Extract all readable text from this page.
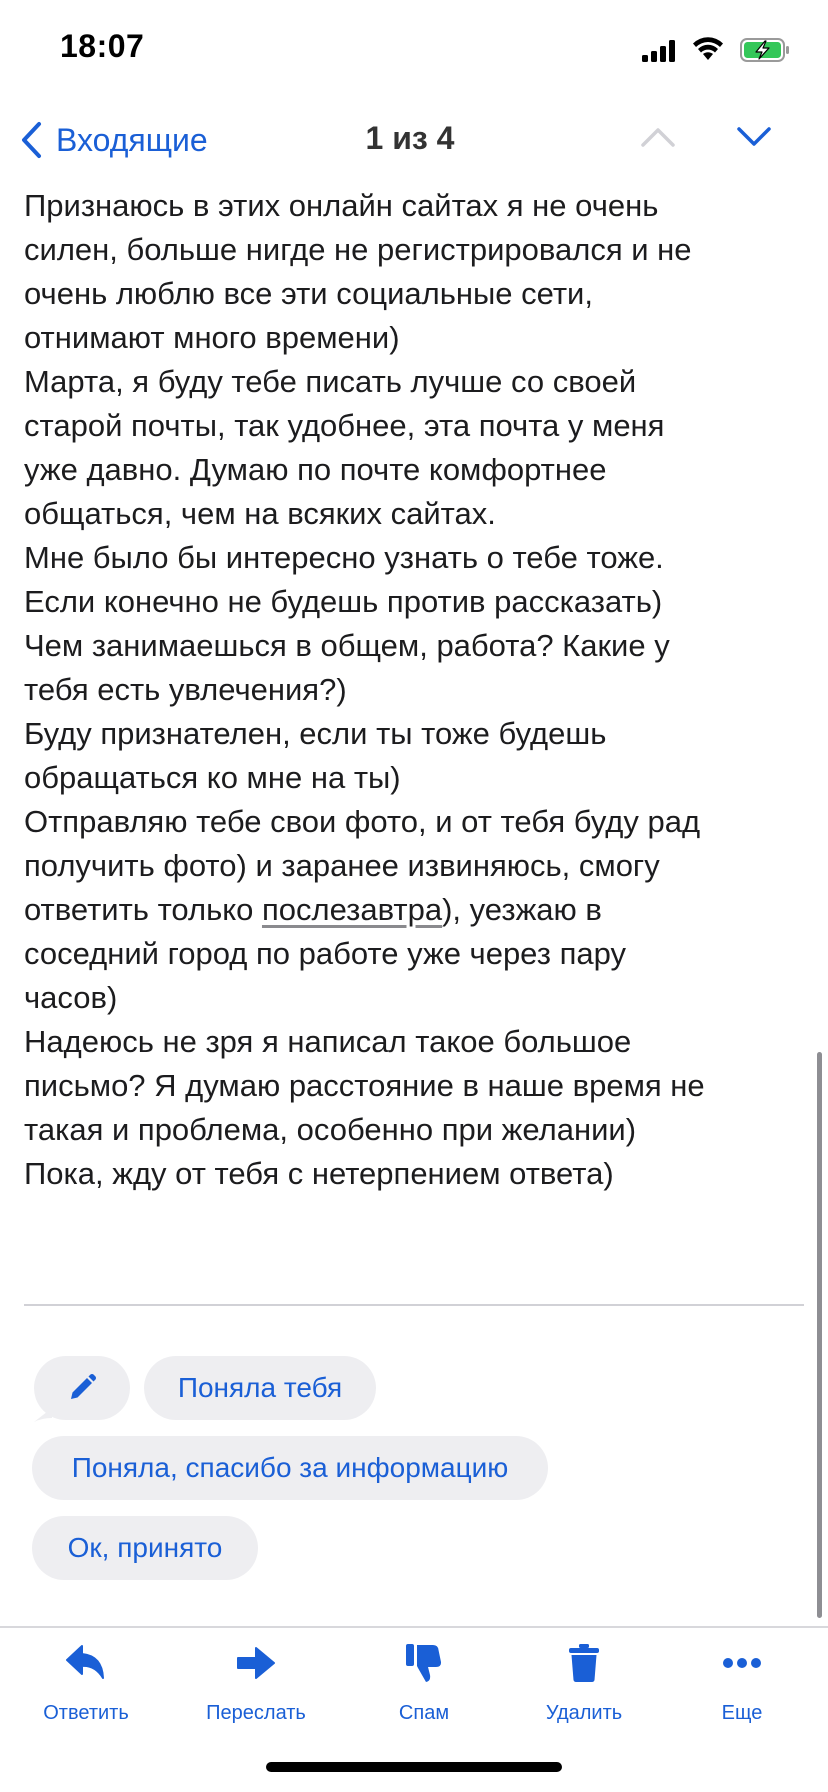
18:07
Входящие	1 из 4
Признаюсь в этих онлайн сайтах я не очень
силен, больше нигде не регистрировался и не
очень люблю все эти социальные сети,
отнимают много времени)
Марта, я буду тебе писать лучше со своей
старой почты, так удобнее, эта почта у меня
уже давно. Думаю по почте комфортнее
общаться, чем на всяких сайтах.
Мне было бы интересно узнать о тебе тоже.
Если конечно не будешь против рассказать)
Чем занимаешься в общем, работа? Какие у
тебя есть увлечения?)
Буду признателен, если ты тоже будешь
обращаться ко мне на ты)
Отправляю тебе свои фото, и от тебя буду рад
получить фото) и заранее извиняюсь, смогу
ответить только послезавтра), уезжаю в
соседний город по работе уже через пару
часов)
Надеюсь не зря я написал такое большое
письмо? Я думаю расстояние в наше время не
такая и проблема, особенно при желании)
Пока, жду от тебя с нетерпением ответа)
Поняла тебя
Поняла, спасибо за информацию
Ок, принято
Ответить	Переслать	Спам	Удалить	Еще
